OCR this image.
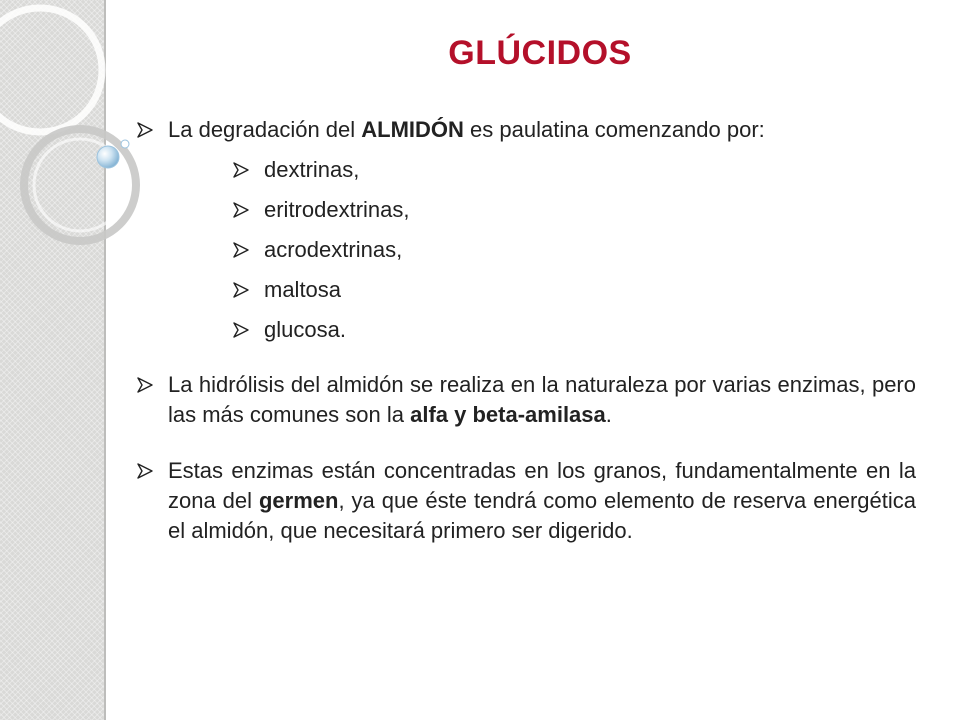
GLÚCIDOS
La degradación del ALMIDÓN es paulatina comenzando por:
dextrinas,
eritrodextrinas,
acrodextrinas,
maltosa
glucosa.
La hidrólisis del almidón se realiza en la naturaleza por varias enzimas, pero las más comunes son la alfa y beta-amilasa.
Estas enzimas están concentradas en los granos, fundamentalmente en la zona del germen, ya que éste tendrá como elemento de reserva energética el almidón, que necesitará primero ser digerido.
